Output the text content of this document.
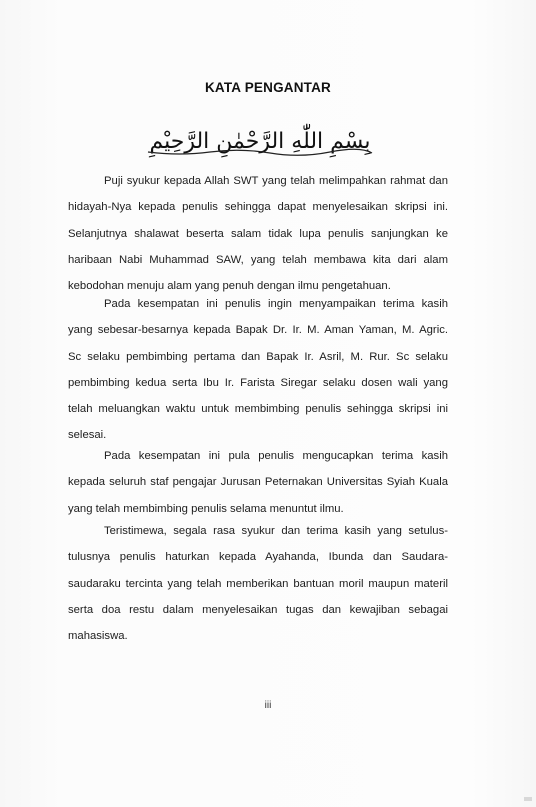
KATA PENGANTAR
بِسْمِ اللّٰهِ الرَّحْمٰنِ الرَّحِيْمِ
Puji syukur kepada Allah SWT yang telah melimpahkan rahmat dan
hidayah-Nya kepada penulis sehingga dapat menyelesaikan skripsi ini.
Selanjutnya shalawat beserta salam tidak lupa penulis sanjungkan ke
haribaan Nabi Muhammad SAW, yang telah membawa kita dari alam
kebodohan menuju alam yang penuh dengan ilmu pengetahuan.
Pada kesempatan ini penulis ingin menyampaikan terima kasih
yang sebesar-besarnya kepada Bapak Dr. Ir. M. Aman Yaman, M. Agric.
Sc selaku pembimbing pertama dan Bapak Ir. Asril, M. Rur. Sc selaku
pembimbing kedua serta Ibu Ir. Farista Siregar selaku dosen wali yang
telah meluangkan waktu untuk membimbing penulis sehingga skripsi ini
selesai.
Pada kesempatan ini pula penulis mengucapkan terima kasih
kepada seluruh staf pengajar Jurusan Peternakan Universitas Syiah Kuala
yang telah membimbing penulis selama menuntut ilmu.
Teristimewa, segala rasa syukur dan terima kasih yang setulus-
tulusnya penulis haturkan kepada Ayahanda, Ibunda dan Saudara-
saudaraku tercinta yang telah memberikan bantuan moril maupun materil
serta doa restu dalam menyelesaikan tugas dan kewajiban sebagai
mahasiswa.
iii
